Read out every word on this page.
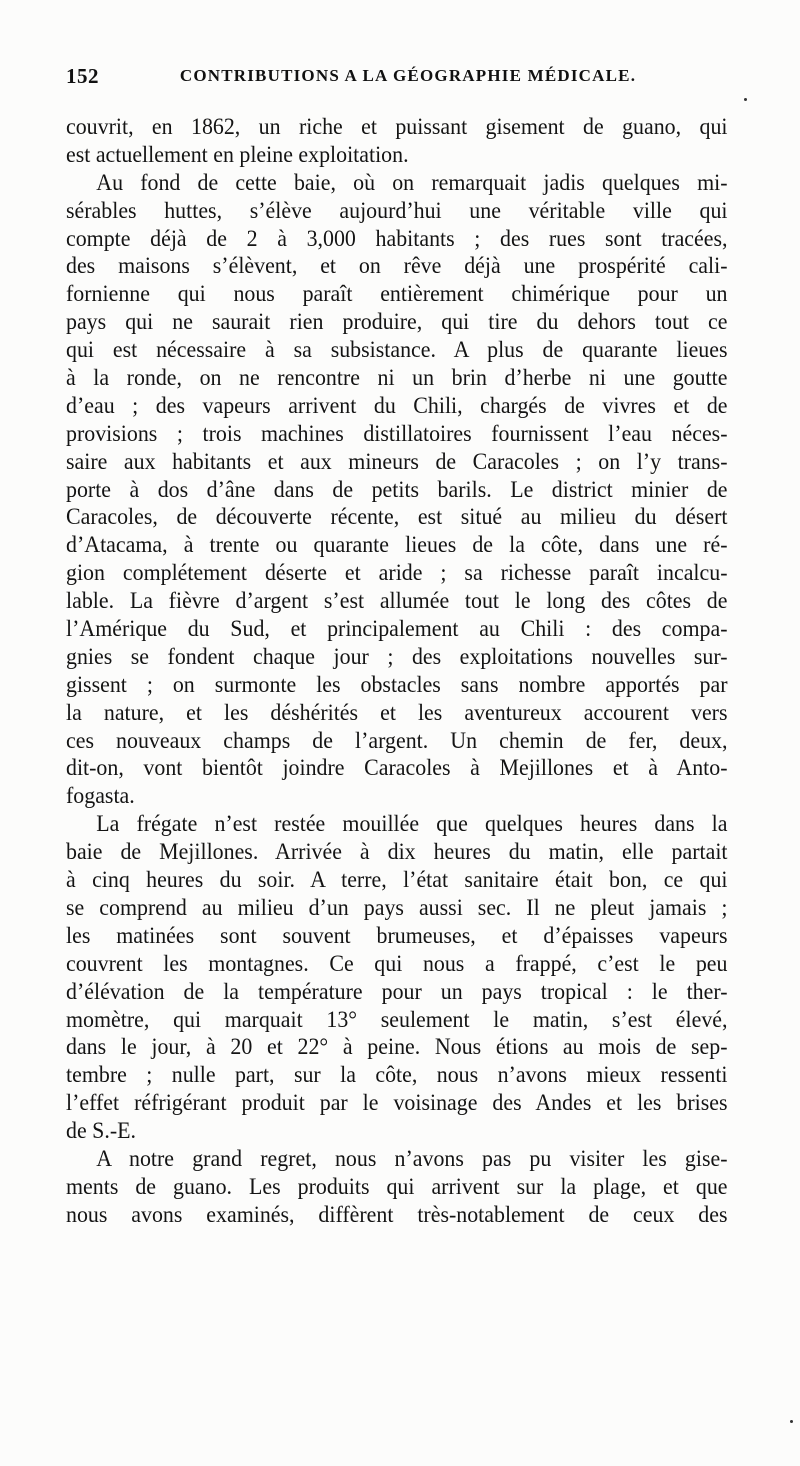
152	CONTRIBUTIONS A LA GÉOGRAPHIE MÉDICALE.
couvrit, en 1862, un riche et puissant gisement de guano, qui
est actuellement en pleine exploitation.
Au fond de cette baie, où on remarquait jadis quelques mi-
sérables huttes, s’élève aujourd’hui une véritable ville qui
compte déjà de 2 à 3,000 habitants ; des rues sont tracées,
des maisons s’élèvent, et on rêve déjà une prospérité cali-
fornienne qui nous paraît entièrement chimérique pour un
pays qui ne saurait rien produire, qui tire du dehors tout ce
qui est nécessaire à sa subsistance. A plus de quarante lieues
à la ronde, on ne rencontre ni un brin d’herbe ni une goutte
d’eau ; des vapeurs arrivent du Chili, chargés de vivres et de
provisions ; trois machines distillatoires fournissent l’eau néces-
saire aux habitants et aux mineurs de Caracoles ; on l’y trans-
porte à dos d’âne dans de petits barils. Le district minier de
Caracoles, de découverte récente, est situé au milieu du désert
d’Atacama, à trente ou quarante lieues de la côte, dans une ré-
gion complétement déserte et aride ; sa richesse paraît incalcu-
lable. La fièvre d’argent s’est allumée tout le long des côtes de
l’Amérique du Sud, et principalement au Chili : des compa-
gnies se fondent chaque jour ; des exploitations nouvelles sur-
gissent ; on surmonte les obstacles sans nombre apportés par
la nature, et les déshérités et les aventureux accourent vers
ces nouveaux champs de l’argent. Un chemin de fer, deux,
dit-on, vont bientôt joindre Caracoles à Mejillones et à Anto-
fogasta.
La frégate n’est restée mouillée que quelques heures dans la
baie de Mejillones. Arrivée à dix heures du matin, elle partait
à cinq heures du soir. A terre, l’état sanitaire était bon, ce qui
se comprend au milieu d’un pays aussi sec. Il ne pleut jamais ;
les matinées sont souvent brumeuses, et d’épaisses vapeurs
couvrent les montagnes. Ce qui nous a frappé, c’est le peu
d’élévation de la température pour un pays tropical : le ther-
momètre, qui marquait 13° seulement le matin, s’est élevé,
dans le jour, à 20 et 22° à peine. Nous étions au mois de sep-
tembre ; nulle part, sur la côte, nous n’avons mieux ressenti
l’effet réfrigérant produit par le voisinage des Andes et les brises
de S.-E.
A notre grand regret, nous n’avons pas pu visiter les gise-
ments de guano. Les produits qui arrivent sur la plage, et que
nous avons examinés, diffèrent très-notablement de ceux des
